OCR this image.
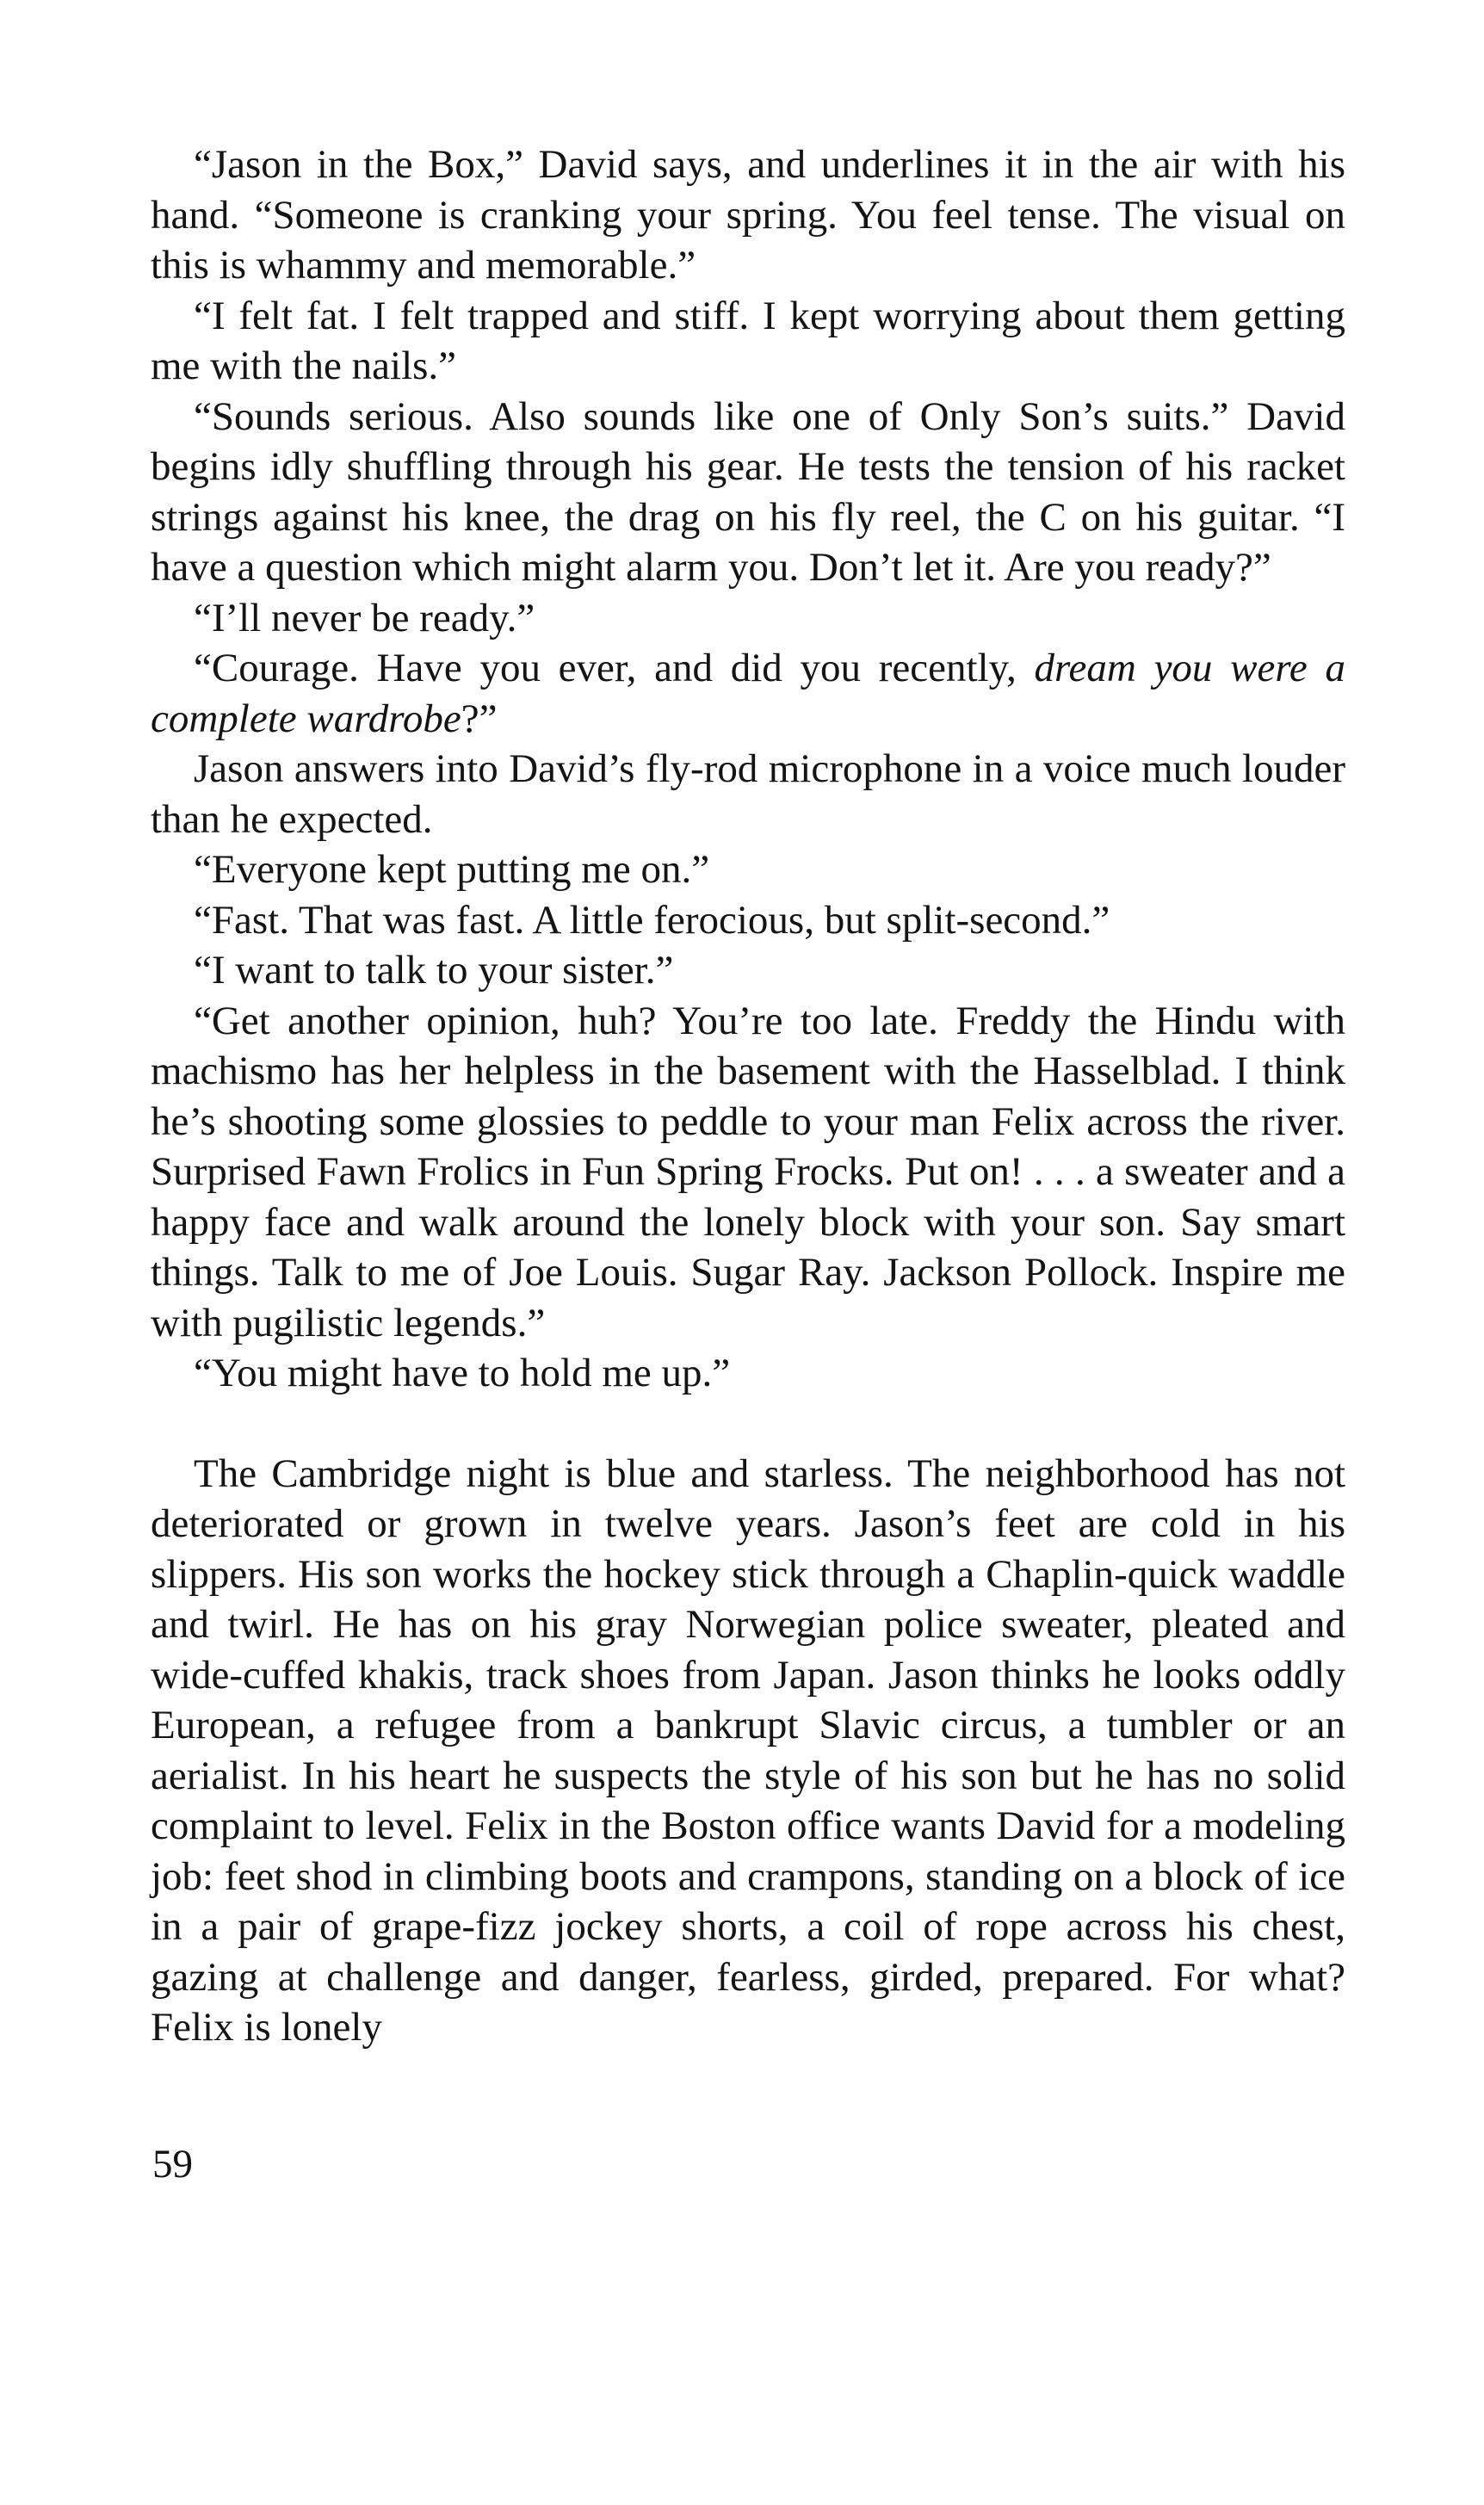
“Jason in the Box,” David says, and underlines it in the air with his hand. “Someone is cranking your spring. You feel tense. The visual on this is whammy and memorable.”

“I felt fat. I felt trapped and stiff. I kept worrying about them getting me with the nails.”

“Sounds serious. Also sounds like one of Only Son’s suits.” David begins idly shuffling through his gear. He tests the tension of his racket strings against his knee, the drag on his fly reel, the C on his guitar. “I have a question which might alarm you. Don’t let it. Are you ready?”

“I’ll never be ready.”

“Courage. Have you ever, and did you recently, dream you were a complete wardrobe?”

Jason answers into David’s fly-rod microphone in a voice much louder than he expected.

“Everyone kept putting me on.”

“Fast. That was fast. A little ferocious, but split-second.”

“I want to talk to your sister.”

“Get another opinion, huh? You’re too late. Freddy the Hindu with machismo has her helpless in the basement with the Hasselblad. I think he’s shooting some glossies to peddle to your man Felix across the river. Surprised Fawn Frolics in Fun Spring Frocks. Put on! . . . a sweater and a happy face and walk around the lonely block with your son. Say smart things. Talk to me of Joe Louis. Sugar Ray. Jackson Pollock. Inspire me with pugilistic legends.”

“You might have to hold me up.”

The Cambridge night is blue and starless. The neighborhood has not deteriorated or grown in twelve years. Jason’s feet are cold in his slippers. His son works the hockey stick through a Chaplin-quick waddle and twirl. He has on his gray Norwegian police sweater, pleated and wide-cuffed khakis, track shoes from Japan. Jason thinks he looks oddly European, a refugee from a bankrupt Slavic circus, a tumbler or an aerialist. In his heart he suspects the style of his son but he has no solid complaint to level. Felix in the Boston office wants David for a modeling job: feet shod in climbing boots and crampons, standing on a block of ice in a pair of grape-fizz jockey shorts, a coil of rope across his chest, gazing at challenge and danger, fearless, girded, prepared. For what? Felix is lonely

59
